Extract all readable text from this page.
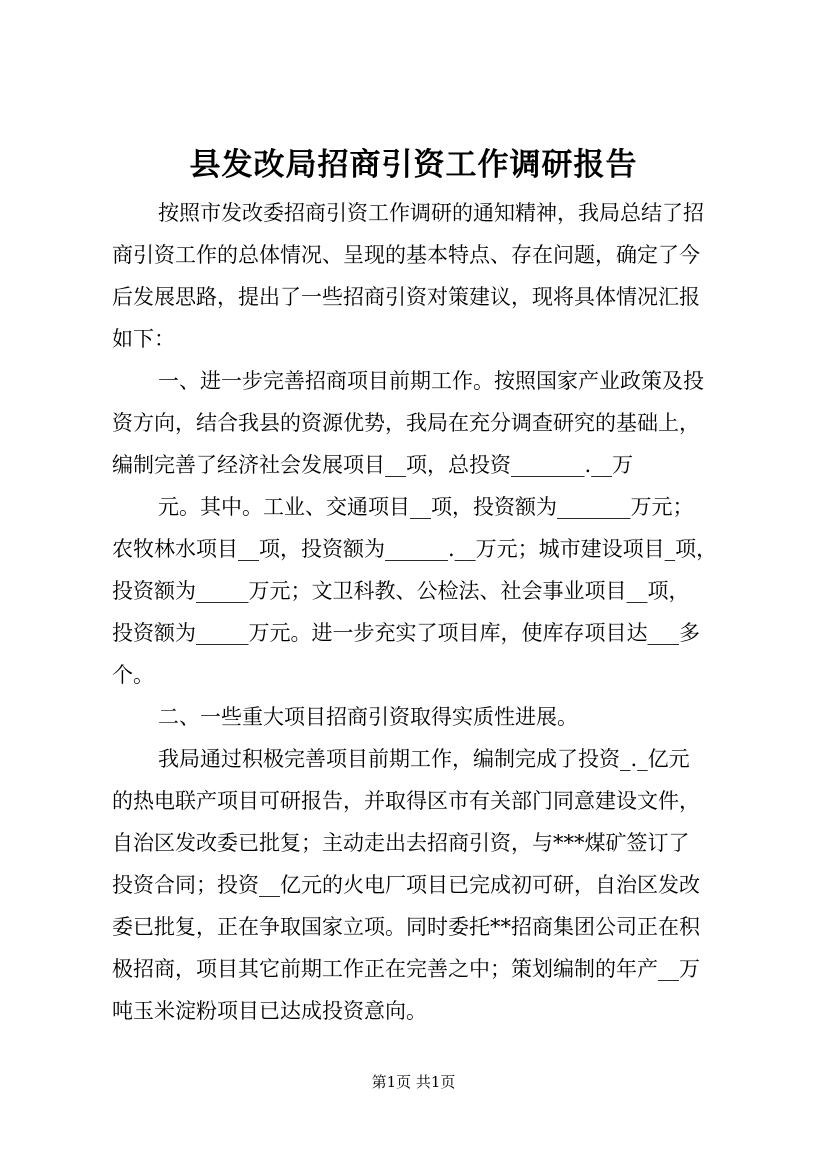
县发改局招商引资工作调研报告

按照市发改委招商引资工作调研的通知精神，我局总结了招

商引资工作的总体情况、呈现的基本特点、存在问题，确定了今

后发展思路，提出了一些招商引资对策建议，现将具体情况汇报

如下：

一、进一步完善招商项目前期工作。按照国家产业政策及投

资方向，结合我县的资源优势，我局在充分调查研究的基础上，

编制完善了经济社会发展项目__项，总投资_______.__万

元。其中。工业、交通项目__项，投资额为_______万元；

农牧林水项目__项，投资额为______.__万元；城市建设项目_项，

投资额为_____万元；文卫科教、公检法、社会事业项目__项，

投资额为_____万元。进一步充实了项目库，使库存项目达___多

个。

二、一些重大项目招商引资取得实质性进展。

我局通过积极完善项目前期工作，编制完成了投资_._亿元

的热电联产项目可研报告，并取得区市有关部门同意建设文件，

自治区发改委已批复；主动走出去招商引资，与***煤矿签订了

投资合同；投资__亿元的火电厂项目已完成初可研，自治区发改

委已批复，正在争取国家立项。同时委托**招商集团公司正在积

极招商，项目其它前期工作正在完善之中；策划编制的年产__万

吨玉米淀粉项目已达成投资意向。

第1页 共1页
